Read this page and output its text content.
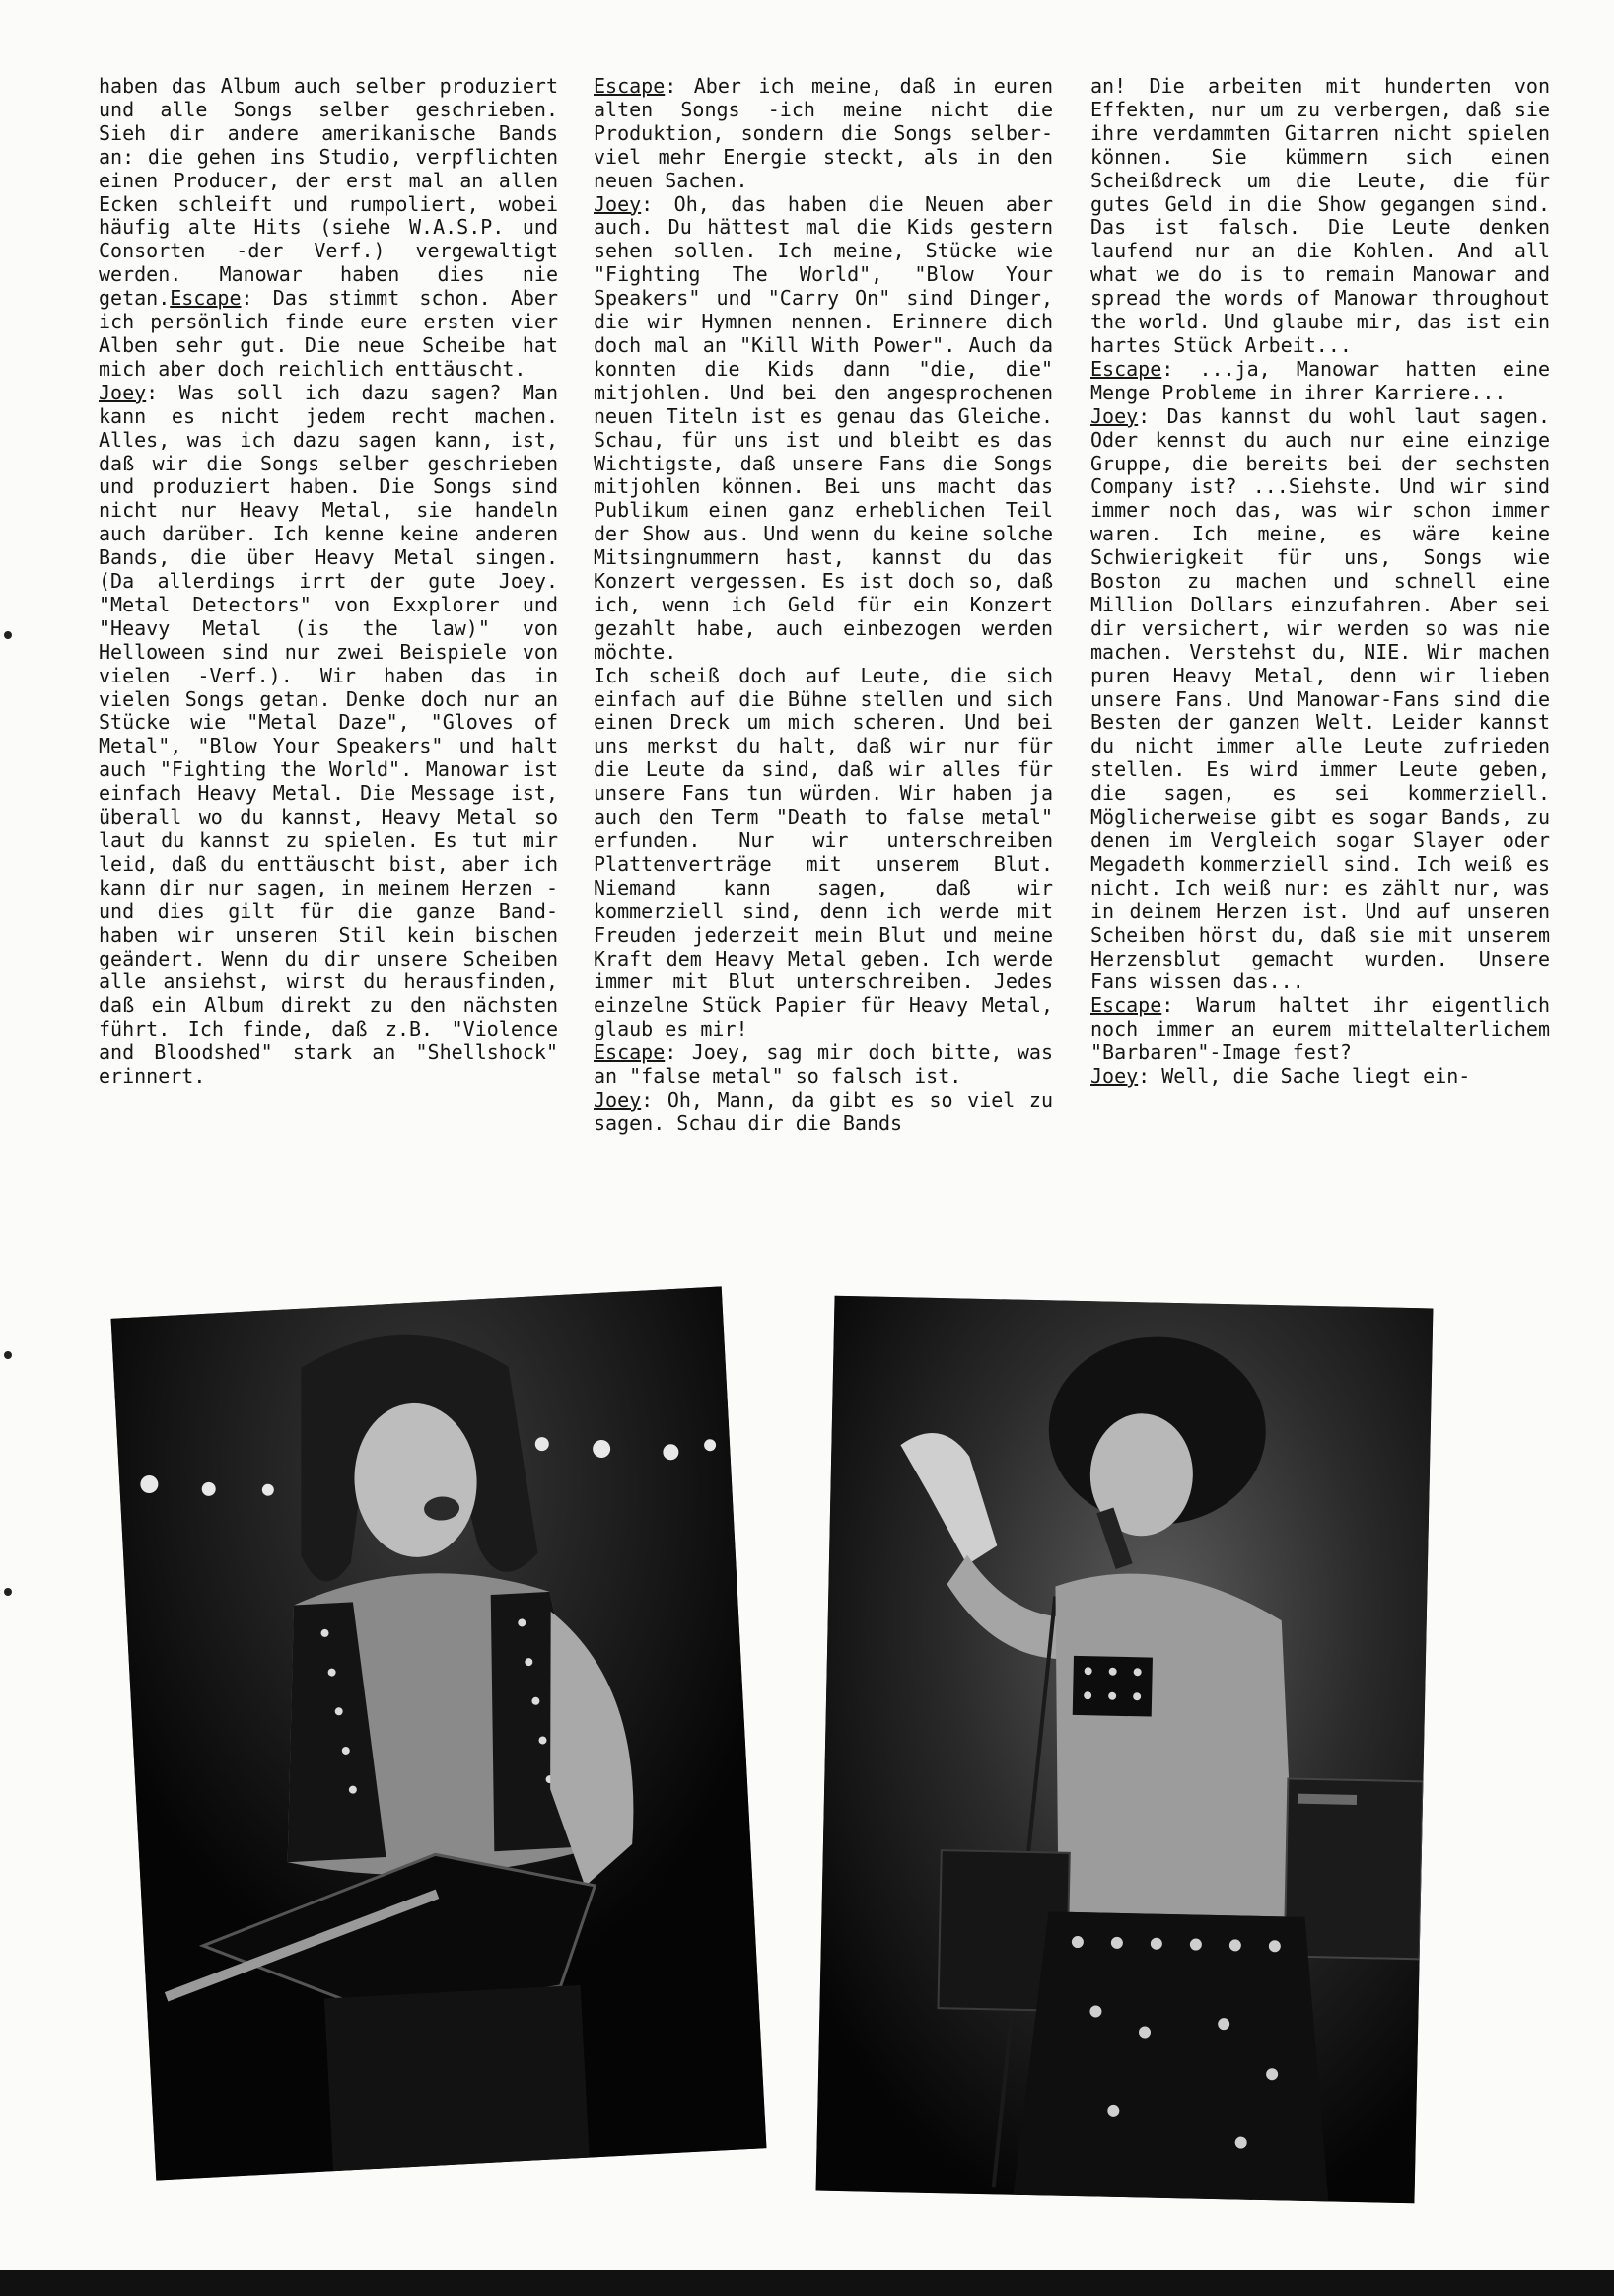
haben das Album auch selber produziert und alle Songs selber geschrieben. Sieh dir andere amerikanische Bands an: die gehen ins Studio, verpflichten einen Producer, der erst mal an allen Ecken schleift und rumpoliert, wobei häufig alte Hits (siehe W.A.S.P. und Consorten -der Verf.) vergewaltigt werden. Manowar haben dies nie getan.Escape: Das stimmt schon. Aber ich persönlich finde eure ersten vier Alben sehr gut. Die neue Scheibe hat mich aber doch reichlich enttäuscht.

Joey: Was soll ich dazu sagen? Man kann es nicht jedem recht machen. Alles, was ich dazu sagen kann, ist, daß wir die Songs selber geschrieben und produziert haben. Die Songs sind nicht nur Heavy Metal, sie handeln auch darüber. Ich kenne keine anderen Bands, die über Heavy Metal singen. (Da allerdings irrt der gute Joey. "Metal Detectors" von Exxplorer und "Heavy Metal (is the law)" von Helloween sind nur zwei Beispiele von vielen -Verf.). Wir haben das in vielen Songs getan. Denke doch nur an Stücke wie "Metal Daze", "Gloves of Metal", "Blow Your Speakers" und halt auch "Fighting the World". Manowar ist einfach Heavy Metal. Die Message ist, überall wo du kannst, Heavy Metal so laut du kannst zu spielen. Es tut mir leid, daß du enttäuscht bist, aber ich kann dir nur sagen, in meinem Herzen -und dies gilt für die ganze Band- haben wir unseren Stil kein bischen geändert. Wenn du dir unsere Scheiben alle ansiehst, wirst du herausfinden, daß ein Album direkt zu den nächsten führt. Ich finde, daß z.B. "Violence and Bloodshed" stark an "Shellshock" erinnert.

Escape: Aber ich meine, daß in euren alten Songs -ich meine nicht die Produktion, sondern die Songs selber- viel mehr Energie steckt, als in den neuen Sachen.

Joey: Oh, das haben die Neuen aber auch. Du hättest mal die Kids gestern sehen sollen. Ich meine, Stücke wie "Fighting The World", "Blow Your Speakers" und "Carry On" sind Dinger, die wir Hymnen nennen. Erinnere dich doch mal an "Kill With Power". Auch da konnten die Kids dann "die, die" mitjohlen. Und bei den angesprochenen neuen Titeln ist es genau das Gleiche. Schau, für uns ist und bleibt es das Wichtigste, daß unsere Fans die Songs mitjohlen können. Bei uns macht das Publikum einen ganz erheblichen Teil der Show aus. Und wenn du keine solche Mitsingnummern hast, kannst du das Konzert vergessen. Es ist doch so, daß ich, wenn ich Geld für ein Konzert gezahlt habe, auch einbezogen werden möchte.

Ich scheiß doch auf Leute, die sich einfach auf die Bühne stellen und sich einen Dreck um mich scheren. Und bei uns merkst du halt, daß wir nur für die Leute da sind, daß wir alles für unsere Fans tun würden. Wir haben ja auch den Term "Death to false metal" erfunden. Nur wir unterschreiben Plattenverträge mit unserem Blut. Niemand kann sagen, daß wir kommerziell sind, denn ich werde mit Freuden jederzeit mein Blut und meine Kraft dem Heavy Metal geben. Ich werde immer mit Blut unterschreiben. Jedes einzelne Stück Papier für Heavy Metal, glaub es mir!

Escape: Joey, sag mir doch bitte, was an "false metal" so falsch ist.

Joey: Oh, Mann, da gibt es so viel zu sagen. Schau dir die Bands

an! Die arbeiten mit hunderten von Effekten, nur um zu verbergen, daß sie ihre verdammten Gitarren nicht spielen können. Sie kümmern sich einen Scheißdreck um die Leute, die für gutes Geld in die Show gegangen sind. Das ist falsch. Die Leute denken laufend nur an die Kohlen. And all what we do is to remain Manowar and spread the words of Manowar throughout the world. Und glaube mir, das ist ein hartes Stück Arbeit...

Escape: ...ja, Manowar hatten eine Menge Probleme in ihrer Karriere...

Joey: Das kannst du wohl laut sagen. Oder kennst du auch nur eine einzige Gruppe, die bereits bei der sechsten Company ist? ...Siehste. Und wir sind immer noch das, was wir schon immer waren. Ich meine, es wäre keine Schwierigkeit für uns, Songs wie Boston zu machen und schnell eine Million Dollars einzufahren. Aber sei dir versichert, wir werden so was nie machen. Verstehst du, NIE. Wir machen puren Heavy Metal, denn wir lieben unsere Fans. Und Manowar-Fans sind die Besten der ganzen Welt. Leider kannst du nicht immer alle Leute zufrieden stellen. Es wird immer Leute geben, die sagen, es sei kommerziell. Möglicherweise gibt es sogar Bands, zu denen im Vergleich sogar Slayer oder Megadeth kommerziell sind. Ich weiß es nicht. Ich weiß nur: es zählt nur, was in deinem Herzen ist. Und auf unseren Scheiben hörst du, daß sie mit unserem Herzensblut gemacht wurden. Unsere Fans wissen das...

Escape: Warum haltet ihr eigentlich noch immer an eurem mittelalterlichem "Barbaren"-Image fest?

Joey: Well, die Sache liegt ein-
